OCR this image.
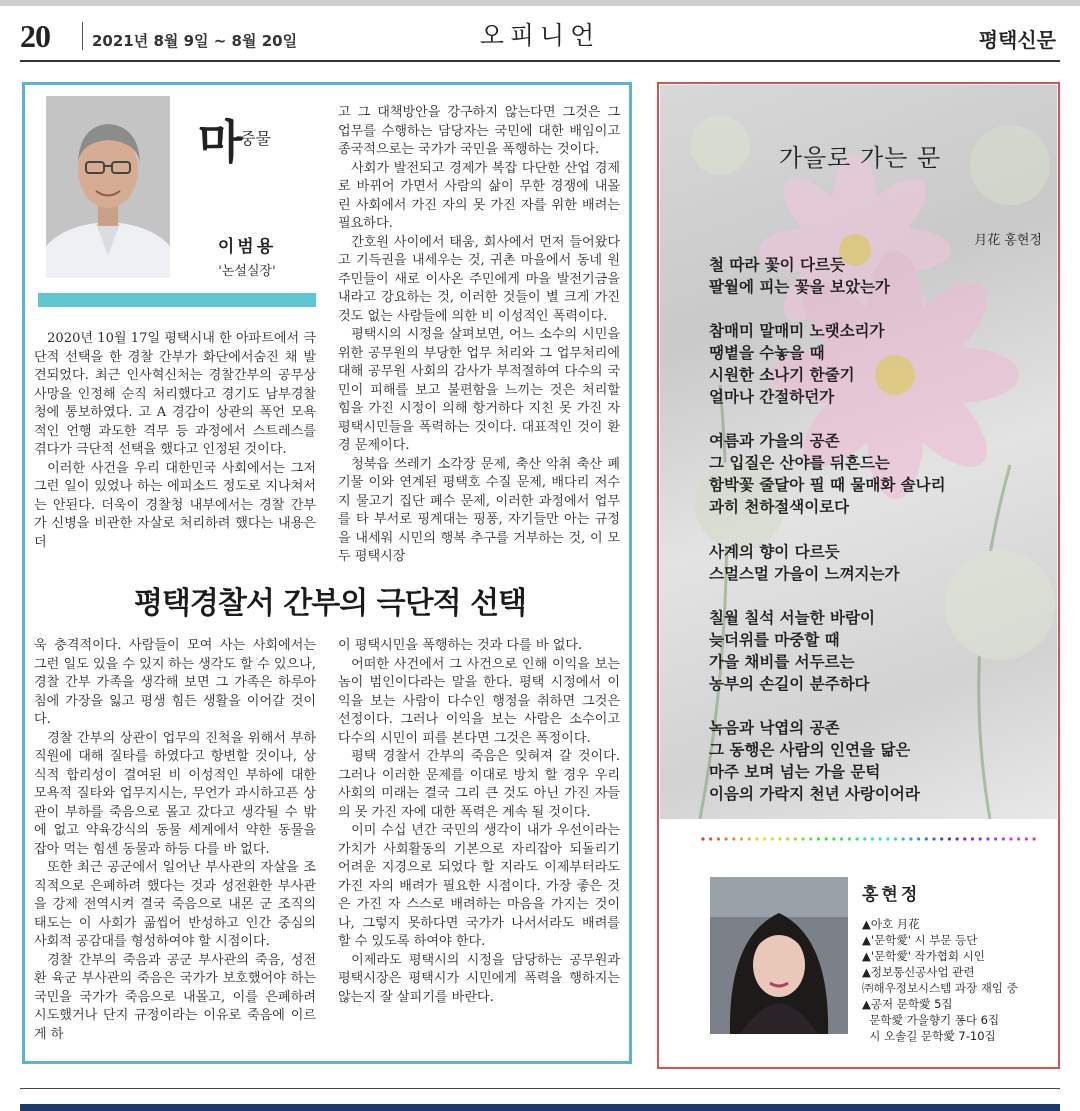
20	2021년 8월 9일 ~ 8월 20일	오피니언	평택신문
마
중물
이범용
'논설실장'

고 그 대책방안을 강구하지 않는다면 그것은 그 업무를 수행하는 담당자는 국민에 대한 배임이고 종국적으로는 국가가 국민을 폭행하는 것이다.

사회가 발전되고 경제가 복잡 다단한 산업 경제로 바뀌어 가면서 사람의 삶이 무한 경쟁에 내몰린 사회에서 가진 자의 못 가진 자를 위한 배려는 필요하다.

간호원 사이에서 태움, 회사에서 먼저 들어왔다고 기득권을 내세우는 것, 귀촌 마을에서 동네 원주민들이 새로 이사온 주민에게 마을 발전기금을 내라고 강요하는 것, 이러한 것들이 별 크게 가진 것도 없는 사람들에 의한 비 이성적인 폭력이다.

평택시의 시정을 살펴보면, 어느 소수의 시민을 위한 공무원의 부당한 업무 처리와 그 업무처리에 대해 공무원 사회의 감사가 부적절하여 다수의 국민이 피해를 보고 불편함을 느끼는 것은 처리할 힘을 가진 시정이 의해 항거하다 지친 못 가진 자 평택시민들을 폭력하는 것이다. 대표적인 것이 환경 문제이다.

청북읍 쓰레기 소각장 문제, 축산 악취 축산 폐기물 이와 연계된 평택호 수질 문제, 배다리 저수지 물고기 집단 폐수 문제, 이러한 과정에서 업무를 타 부서로 핑계대는 핑퐁, 자기들만 아는 규정을 내세워 시민의 행복 추구를 거부하는 것, 이 모두 평택시장

2020년 10월 17일 평택시내 한 아파트에서 극단적 선택을 한 경찰 간부가 화단에서숨진 채 발견되었다. 최근 인사혁신처는 경찰간부의 공무상 사망을 인정해 순직 처리했다고 경기도 남부경찰청에 통보하였다. 고 A 경감이 상관의 폭언 모욕적인 언행 과도한 격무 등 과정에서 스트레스를 겪다가 극단적 선택을 했다고 인정된 것이다.

이러한 사건을 우리 대한민국 사회에서는 그저 그런 일이 있었나 하는 에피소드 정도로 지나쳐서는 안된다. 더욱이 경찰청 내부에서는 경찰 간부가 신병을 비관한 자살로 처리하려 했다는 내용은 더

평택경찰서 간부의 극단적 선택

욱 충격적이다. 사람들이 모여 사는 사회에서는 그런 일도 있을 수 있지 하는 생각도 할 수 있으나, 경찰 간부 가족을 생각해 보면 그 가족은 하루아침에 가장을 잃고 평생 힘든 생활을 이어갈 것이다.

경찰 간부의 상관이 업무의 진척을 위해서 부하 직원에 대해 질타를 하였다고 항변할 것이나, 상식적 합리성이 결여된 비 이성적인 부하에 대한 모욕적 질타와 업무지시는, 무언가 과시하고픈 상관이 부하를 죽음으로 몰고 갔다고 생각될 수 밖에 없고 약육강식의 동물 세계에서 약한 동물을 잡아 먹는 힘센 동물과 하등 다를 바 없다.

또한 최근 공군에서 일어난 부사관의 자살을 조직적으로 은폐하려 했다는 것과 성전환한 부사관을 강제 전역시켜 결국 죽음으로 내몬 군 조직의 태도는 이 사회가 곪씹어 반성하고 인간 중심의 사회적 공감대를 형성하여야 할 시점이다.

경찰 간부의 죽음과 공군 부사관의 죽음, 성전환 육군 부사관의 죽음은 국가가 보호했어야 하는 국민을 국가가 죽음으로 내몰고, 이를 은폐하려 시도했거나 단지 규정이라는 이유로 죽음에 이르게 하

이 평택시민을 폭행하는 것과 다를 바 없다.

어떠한 사건에서 그 사건으로 인해 이익을 보는 놈이 범인이다라는 말을 한다. 평택 시정에서 이익을 보는 사람이 다수인 행정을 취하면 그것은 선정이다. 그러나 이익을 보는 사람은 소수이고 다수의 시민이 피를 본다면 그것은 폭정이다.

평택 경찰서 간부의 죽음은 잊혀져 갈 것이다. 그러나 이러한 문제를 이대로 방치 할 경우 우리 사회의 미래는 결국 그리 큰 것도 아닌 가진 자들의 못 가진 자에 대한 폭력은 계속 될 것이다.

이미 수십 년간 국민의 생각이 내가 우선이라는 가치가 사회활동의 기본으로 자리잡아 되돌리기 어려운 지경으로 되었다 할 지라도 이제부터라도 가진 자의 배려가 필요한 시점이다. 가장 좋은 것은 가진 자 스스로 배려하는 마음을 가지는 것이나, 그렇지 못하다면 국가가 나서서라도 배려를 할 수 있도록 하여야 한다.

이제라도 평택시의 시정을 담당하는 공무원과 평택시장은 평택시가 시민에게 폭력을 행하지는 않는지 잘 살피기를 바란다.

가을로 가는 문
月花 홍현정
철 따라 꽃이 다르듯
팔월에 피는 꽃을 보았는가
참매미 말매미 노랫소리가
땡볕을 수놓을 때
시원한 소나기 한줄기
얼마나 간절하던가
여름과 가을의 공존
그 입질은 산야를 뒤흔드는
함박꽃 줄달아 필 때 물매화 솔나리
과히 천하절색이로다
사계의 향이 다르듯
스멀스멀 가을이 느껴지는가
칠월 칠석 서늘한 바람이
늦더위를 마중할 때
가을 채비를 서두르는
농부의 손길이 분주하다
녹음과 낙엽의 공존
그 동행은 사람의 인연을 닮은
마주 보며 넘는 가을 문턱
이음의 가락지 천년 사랑이어라
홍현정
▲아호 月花
▲'문학愛' 시 부문 등단
▲'문학愛' 작가협회 시인
▲정보통신공사업 관련
㈜해우정보시스템 과장 재임 중
▲공저 문학愛 5집
문학愛 가을향기 퐁다 6집
시 오솔길 문학愛 7-10집
